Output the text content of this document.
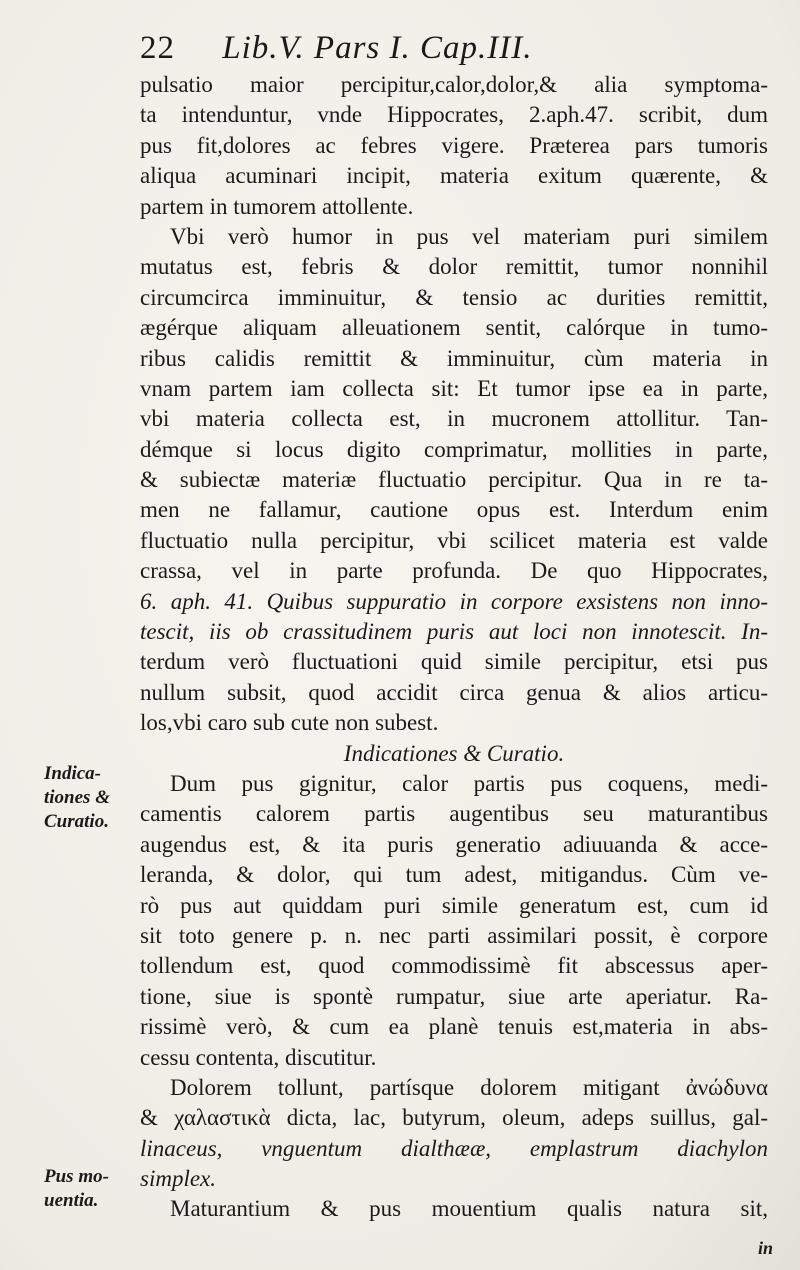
22 Lib.V. Pars I. Cap.III.
pulsatio maior percipitur,calor,dolor,& alia symptoma-
ta intenduntur, vnde Hippocrates, 2.aph.47. scribit, dum
pus fit,dolores ac febres vigere. Præterea pars tumoris
aliqua acuminari incipit, materia exitum quærente, &
partem in tumorem attollente.
Vbi verò humor in pus vel materiam puri similem
mutatus est, febris & dolor remittit, tumor nonnihil
circumcirca imminuitur, & tensio ac durities remittit,
ægérque aliquam alleuationem sentit, calórque in tumo-
ribus calidis remittit & imminuitur, cùm materia in
vnam partem iam collecta sit: Et tumor ipse ea in parte,
vbi materia collecta est, in mucronem attollitur. Tan-
démque si locus digito comprimatur, mollities in parte,
& subiectæ materiæ fluctuatio percipitur. Qua in re ta-
men ne fallamur, cautione opus est. Interdum enim
fluctuatio nulla percipitur, vbi scilicet materia est valde
crassa, vel in parte profunda. De quo Hippocrates,
6. aph. 41. Quibus suppuratio in corpore exsistens non inno-
tescit, iis ob crassitudinem puris aut loci non innotescit. In-
terdum verò fluctuationi quid simile percipitur, etsi pus
nullum subsit, quod accidit circa genua & alios articu-
los,vbi caro sub cute non subest.
Indicationes & Curatio.
Dum pus gignitur, calor partis pus coquens, medi-
camentis calorem partis augentibus seu maturantibus
augendus est, & ita puris generatio adiuuanda & acce-
leranda, & dolor, qui tum adest, mitigandus. Cùm ve-
rò pus aut quiddam puri simile generatum est, cum id
sit toto genere p. n. nec parti assimilari possit, è corpore
tollendum est, quod commodissimè fit abscessus aper-
tione, siue is spontè rumpatur, siue arte aperiatur. Ra-
rissimè verò, & cum ea planè tenuis est,materia in abs-
cessu contenta, discutitur.
Dolorem tollunt, partísque dolorem mitigant ἀνώδυνα
& χαλαστικὰ dicta, lac, butyrum, oleum, adeps suillus, gal-
linaceus, vnguentum dialthææ, emplastrum diachylon
simplex.
Maturantium & pus mouentium qualis natura sit,
Indica-
tiones &
Curatio.
Pus mo-
uentia.
in
